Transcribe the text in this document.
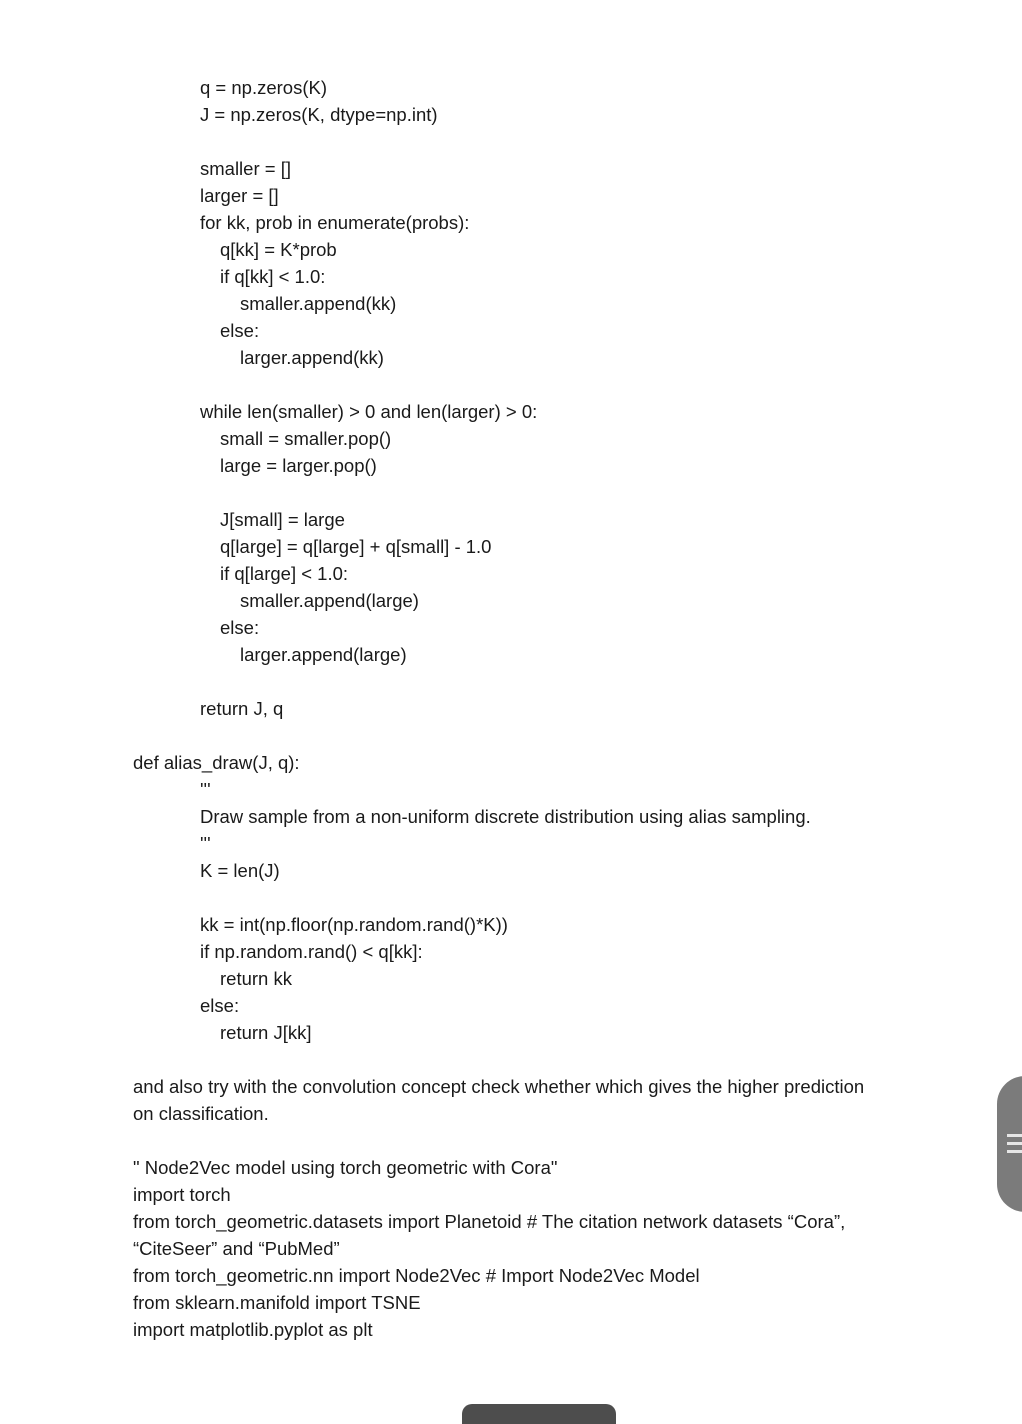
q = np.zeros(K)
J = np.zeros(K, dtype=np.int)
smaller = []
larger = []
for kk, prob in enumerate(probs):
q[kk] = K*prob
if q[kk] < 1.0:
smaller.append(kk)
else:
larger.append(kk)
while len(smaller) > 0 and len(larger) > 0:
small = smaller.pop()
large = larger.pop()
J[small] = large
q[large] = q[large] + q[small] - 1.0
if q[large] < 1.0:
smaller.append(large)
else:
larger.append(large)
return J, q
def alias_draw(J, q):
'''
Draw sample from a non-uniform discrete distribution using alias sampling.
'''
K = len(J)
kk = int(np.floor(np.random.rand()*K))
if np.random.rand() < q[kk]:
return kk
else:
return J[kk]
and also try with the convolution concept check whether which gives the higher prediction
on classification.
" Node2Vec model using torch geometric with Cora"
import torch
from torch_geometric.datasets import Planetoid # The citation network datasets “Cora”,
“CiteSeer” and “PubMed”
from torch_geometric.nn import Node2Vec # Import Node2Vec Model
from sklearn.manifold import TSNE
import matplotlib.pyplot as plt
